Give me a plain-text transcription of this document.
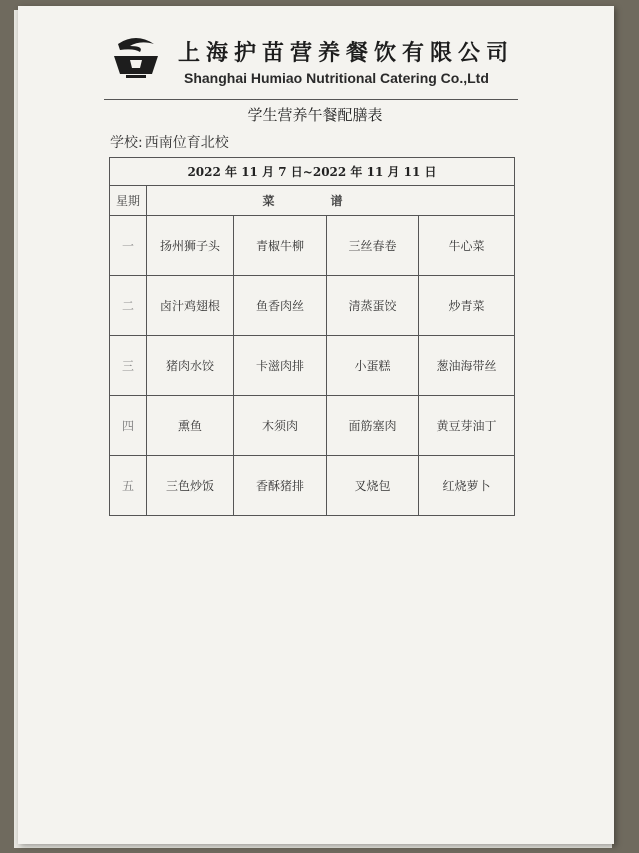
上海护苗营养餐饮有限公司
Shanghai Humiao Nutritional Catering Co.,Ltd
学生营养午餐配膳表
学校: 西南位育北校
2022 年 11 月 7 日~2022 年 11 月 11 日				
星期	菜谱			
一	扬州狮子头	青椒牛柳	三丝春卷	牛心菜
二	卤汁鸡翅根	鱼香肉丝	清蒸蛋饺	炒青菜
三	猪肉水饺	卡滋肉排	小蛋糕	葱油海带丝
四	熏鱼	木须肉	面筋塞肉	黄豆芽油丁
五	三色炒饭	香酥猪排	叉烧包	红烧萝卜
